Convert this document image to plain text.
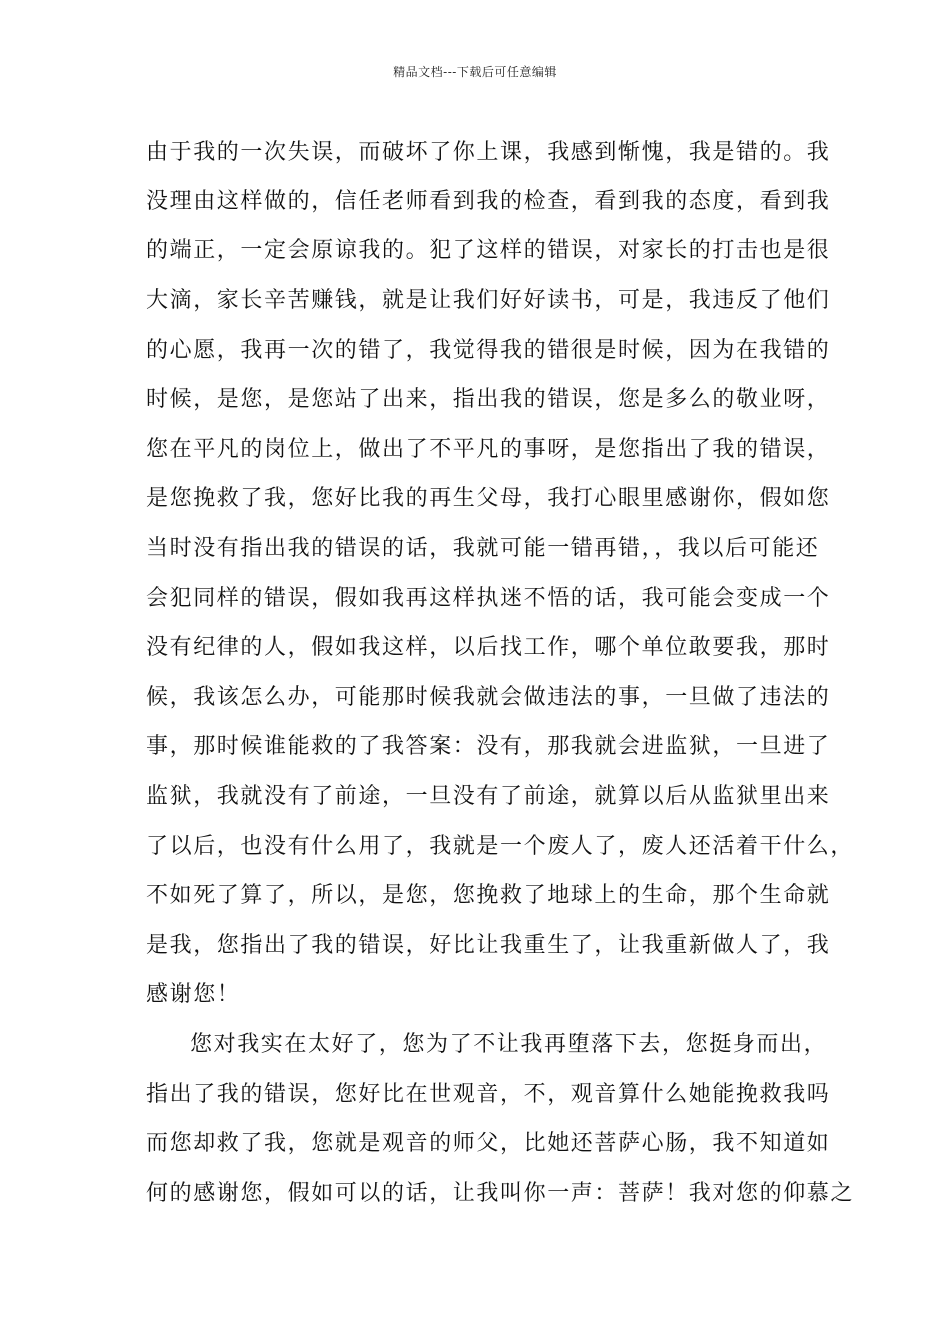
精品文档---下载后可任意编辑
由于我的一次失误，而破坏了你上课，我感到惭愧，我是错的。我
没理由这样做的，信任老师看到我的检查，看到我的态度，看到我
的端正，一定会原谅我的。犯了这样的错误，对家长的打击也是很
大滴，家长辛苦赚钱，就是让我们好好读书，可是，我违反了他们
的心愿，我再一次的错了，我觉得我的错很是时候，因为在我错的
时候，是您，是您站了出来，指出我的错误，您是多么的敬业呀，
您在平凡的岗位上，做出了不平凡的事呀，是您指出了我的错误，
是您挽救了我，您好比我的再生父母，我打心眼里感谢你，假如您
当时没有指出我的错误的话，我就可能一错再错，，我以后可能还
会犯同样的错误，假如我再这样执迷不悟的话，我可能会变成一个
没有纪律的人，假如我这样，以后找工作，哪个单位敢要我，那时
候，我该怎么办，可能那时候我就会做违法的事，一旦做了违法的
事，那时候谁能救的了我答案：没有，那我就会进监狱，一旦进了
监狱，我就没有了前途，一旦没有了前途，就算以后从监狱里出来
了以后，也没有什么用了，我就是一个废人了，废人还活着干什么，
不如死了算了，所以，是您，您挽救了地球上的生命，那个生命就
是我，您指出了我的错误，好比让我重生了，让我重新做人了，我
感谢您！
您对我实在太好了，您为了不让我再堕落下去，您挺身而出，
指出了我的错误，您好比在世观音，不，观音算什么她能挽救我吗
而您却救了我，您就是观音的师父，比她还菩萨心肠，我不知道如
何的感谢您，假如可以的话，让我叫你一声：菩萨！我对您的仰慕之
